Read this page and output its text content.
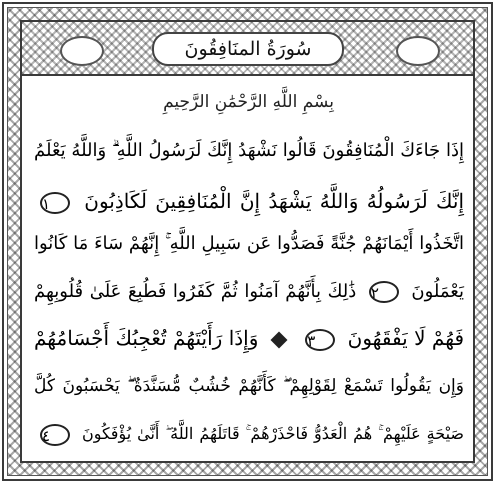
سُورَةُ المنَافِقُونَ
بِسْمِ اللَّهِ الرَّحْمَٰنِ الرَّحِيمِ
إِذَا جَاءَكَ الْمُنَافِقُونَ قَالُوا نَشْهَدُ إِنَّكَ لَرَسُولُ اللَّهِ ۗ وَاللَّهُ يَعْلَمُ
إِنَّكَ لَرَسُولُهُ وَاللَّهُ يَشْهَدُ إِنَّ الْمُنَافِقِينَ لَكَاذِبُونَ ١
اتَّخَذُوا أَيْمَانَهُمْ جُنَّةً فَصَدُّوا عَن سَبِيلِ اللَّهِ ۚ إِنَّهُمْ سَاءَ مَا كَانُوا
يَعْمَلُونَ ٢ ذَٰلِكَ بِأَنَّهُمْ آمَنُوا ثُمَّ كَفَرُوا فَطُبِعَ عَلَىٰ قُلُوبِهِمْ
فَهُمْ لَا يَفْقَهُونَ ٣  وَإِذَا رَأَيْتَهُمْ تُعْجِبُكَ أَجْسَامُهُمْ
وَإِن يَقُولُوا تَسْمَعْ لِقَوْلِهِمْ ۖ كَأَنَّهُمْ خُشُبٌ مُّسَنَّدَةٌ ۖ يَحْسَبُونَ كُلَّ
صَيْحَةٍ عَلَيْهِمْ ۚ هُمُ الْعَدُوُّ فَاحْذَرْهُمْ ۚ قَاتَلَهُمُ اللَّهُ ۖ أَنَّىٰ يُؤْفَكُونَ ٤
